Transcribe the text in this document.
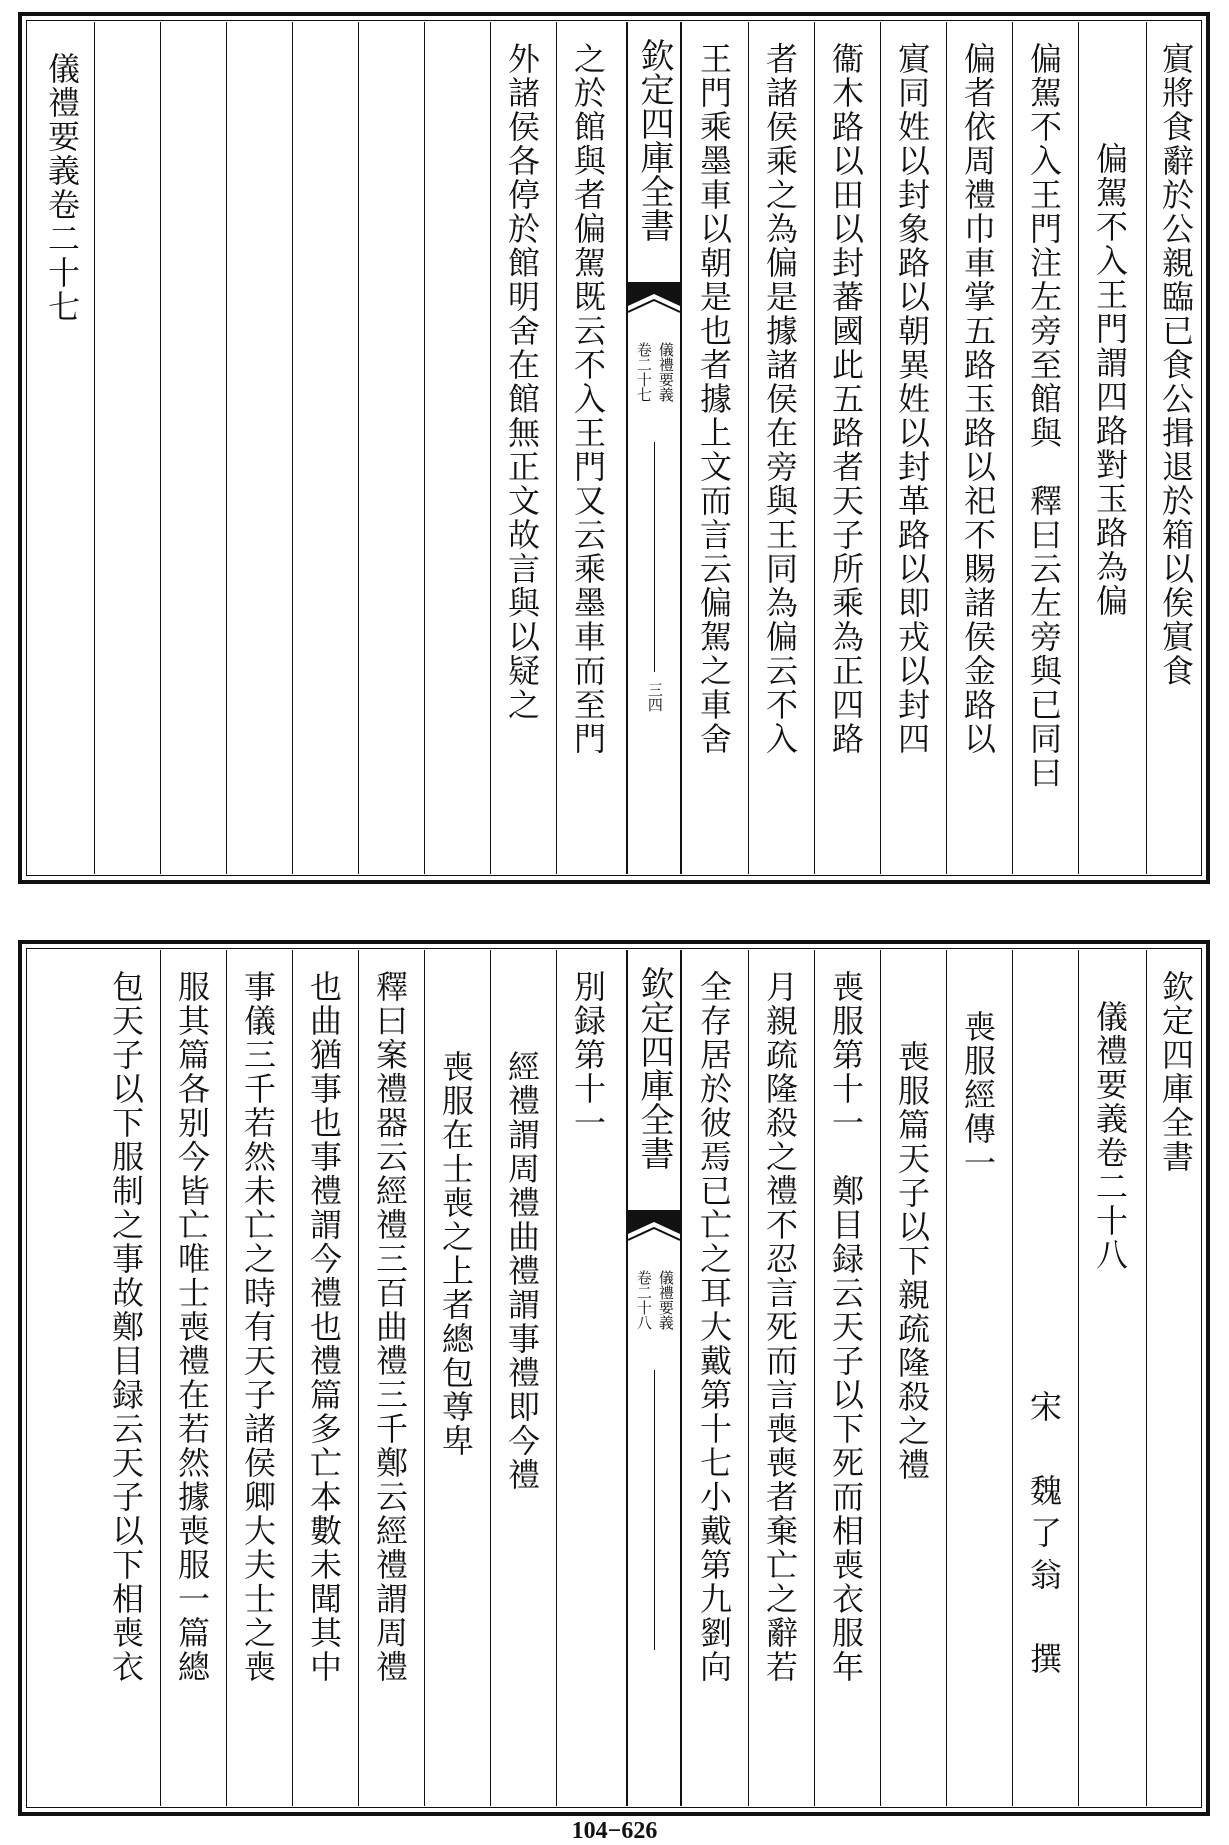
賔將食辭於公親臨已食公揖退於箱以俟賔食
偏駕不入王門謂四路對玉路為偏
偏駕不入王門注左旁至館與　釋曰云左旁與已同曰
偏者依周禮巾車掌五路玉路以祀不賜諸侯金路以
賔同姓以封象路以朝異姓以封革路以即戎以封四
衞木路以田以封蕃國此五路者天子所乘為正四路
者諸侯乘之為偏是據諸侯在旁與王同為偏云不入
王門乘墨車以朝是也者據上文而言云偏駕之車舍
欽定四庫全書
儀禮要義
卷二十七
三四
之於館與者偏駕既云不入王門又云乘墨車而至門
外諸侯各停於館明舍在館無正文故言與以疑之
儀禮要義卷二十七
欽定四庫全書
儀禮要義卷二十八
宋　魏了翁　撰
喪服經傳一
喪服篇天子以下親疏隆殺之禮
喪服第十一　鄭目録云天子以下死而相喪衣服年
月親疏隆殺之禮不忍言死而言喪喪者棄亡之辭若
全存居於彼焉已亡之耳大戴第十七小戴第九劉向
欽定四庫全書
儀禮要義
卷二十八
別録第十一
經禮謂周禮曲禮謂事禮即今禮
喪服在士喪之上者總包尊卑
釋曰案禮器云經禮三百曲禮三千鄭云經禮謂周禮
也曲猶事也事禮謂今禮也禮篇多亡本數未聞其中
事儀三千若然未亡之時有天子諸侯卿大夫士之喪
服其篇各别今皆亡唯士喪禮在若然據喪服一篇總
包天子以下服制之事故鄭目録云天子以下相喪衣
104−626
